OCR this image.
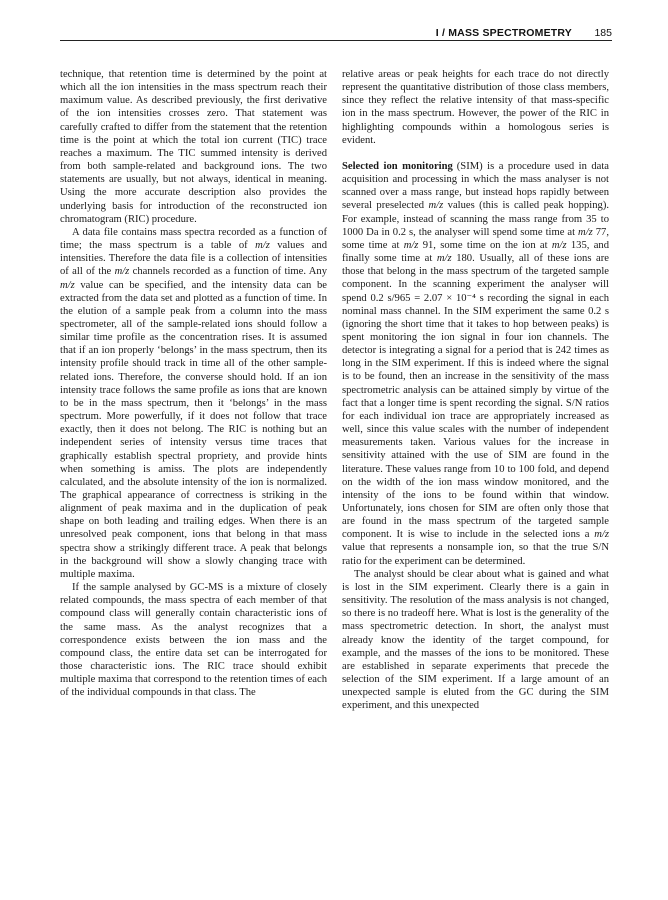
I / MASS SPECTROMETRY 185

technique, that retention time is determined by the point at which all the ion intensities in the mass spectrum reach their maximum value. As described previously, the first derivative of the ion intensities crosses zero. That statement was carefully crafted to differ from the statement that the retention time is the point at which the total ion current (TIC) trace reaches a maximum. The TIC summed intensity is derived from both sample-related and background ions. The two statements are usually, but not always, identical in meaning. Using the more accurate description also provides the underlying basis for introduction of the reconstructed ion chromatogram (RIC) procedure.

A data file contains mass spectra recorded as a function of time; the mass spectrum is a table of m/z values and intensities. Therefore the data file is a collection of intensities of all of the m/z channels recorded as a function of time. Any m/z value can be specified, and the intensity data can be extracted from the data set and plotted as a function of time. In the elution of a sample peak from a column into the mass spectrometer, all of the sample-related ions should follow a similar time profile as the concentration rises. It is assumed that if an ion properly ‘belongs’ in the mass spectrum, then its intensity profile should track in time all of the other sample-related ions. Therefore, the converse should hold. If an ion intensity trace follows the same profile as ions that are known to be in the mass spectrum, then it ‘belongs’ in the mass spectrum. More powerfully, if it does not follow that trace exactly, then it does not belong. The RIC is nothing but an independent series of intensity versus time traces that graphically establish spectral propriety, and provide hints when something is amiss. The plots are independently calculated, and the absolute intensity of the ion is normalized. The graphical appearance of correctness is striking in the alignment of peak maxima and in the duplication of peak shape on both leading and trailing edges. When there is an unresolved peak component, ions that belong in that mass spectra show a strikingly different trace. A peak that belongs in the background will show a slowly changing trace with multiple maxima.

If the sample analysed by GC-MS is a mixture of closely related compounds, the mass spectra of each member of that compound class will generally contain characteristic ions of the same mass. As the analyst recognizes that a correspondence exists between the ion mass and the compound class, the entire data set can be interrogated for those characteristic ions. The RIC trace should exhibit multiple maxima that correspond to the retention times of each of the individual compounds in that class. The

relative areas or peak heights for each trace do not directly represent the quantitative distribution of those class members, since they reflect the relative intensity of that mass-specific ion in the mass spectrum. However, the power of the RIC in highlighting compounds within a homologous series is evident.

Selected ion monitoring (SIM) is a procedure used in data acquisition and processing in which the mass analyser is not scanned over a mass range, but instead hops rapidly between several preselected m/z values (this is called peak hopping). For example, instead of scanning the mass range from 35 to 1000 Da in 0.2 s, the analyser will spend some time at m/z 77, some time at m/z 91, some time on the ion at m/z 135, and finally some time at m/z 180. Usually, all of these ions are those that belong in the mass spectrum of the targeted sample component. In the scanning experiment the analyser will spend 0.2 s/965 = 2.07 × 10⁻⁴ s recording the signal in each nominal mass channel. In the SIM experiment the same 0.2 s (ignoring the short time that it takes to hop between peaks) is spent monitoring the ion signal in four ion channels. The detector is integrating a signal for a period that is 242 times as long in the SIM experiment. If this is indeed where the signal is to be found, then an increase in the sensitivity of the mass spectrometric analysis can be attained simply by virtue of the fact that a longer time is spent recording the signal. S/N ratios for each individual ion trace are appropriately increased as well, since this value scales with the number of independent measurements taken. Various values for the increase in sensitivity attained with the use of SIM are found in the literature. These values range from 10 to 100 fold, and depend on the width of the ion mass window monitored, and the intensity of the ions to be found within that window. Unfortunately, ions chosen for SIM are often only those that are found in the mass spectrum of the targeted sample component. It is wise to include in the selected ions a m/z value that represents a nonsample ion, so that the true S/N ratio for the experiment can be determined.

The analyst should be clear about what is gained and what is lost in the SIM experiment. Clearly there is a gain in sensitivity. The resolution of the mass analysis is not changed, so there is no tradeoff here. What is lost is the generality of the mass spectrometric detection. In short, the analyst must already know the identity of the target compound, for example, and the masses of the ions to be monitored. These are established in separate experiments that precede the selection of the SIM experiment. If a large amount of an unexpected sample is eluted from the GC during the SIM experiment, and this unexpected
